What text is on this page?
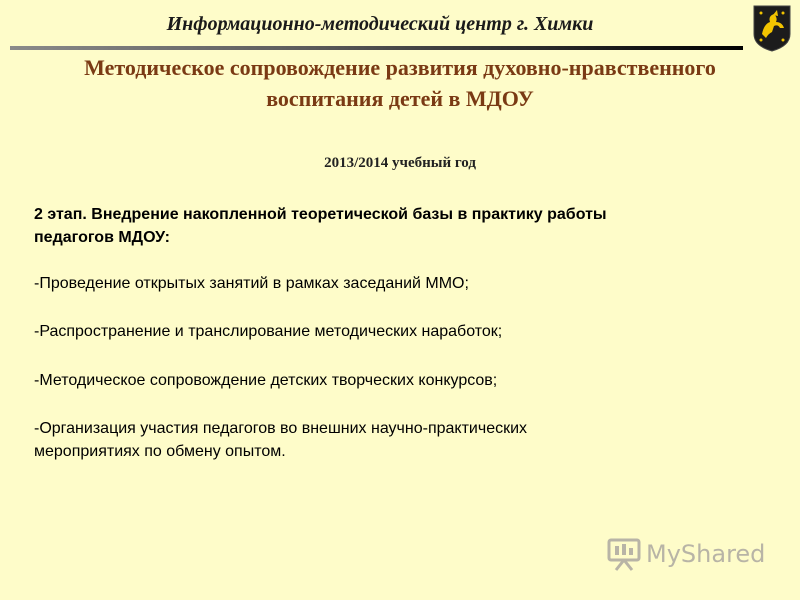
Информационно-методический центр г. Химки
Методическое сопровождение развития духовно-нравственного
воспитания детей в МДОУ
2013/2014 учебный год
2 этап. Внедрение накопленной теоретической базы в практику работы
педагогов МДОУ:
-Проведение открытых занятий в рамках заседаний ММО;
-Распространение и транслирование методических наработок;
-Методическое сопровождение детских творческих конкурсов;
-Организация участия педагогов во внешних научно-практических
мероприятиях по обмену опытом.
MyShared
